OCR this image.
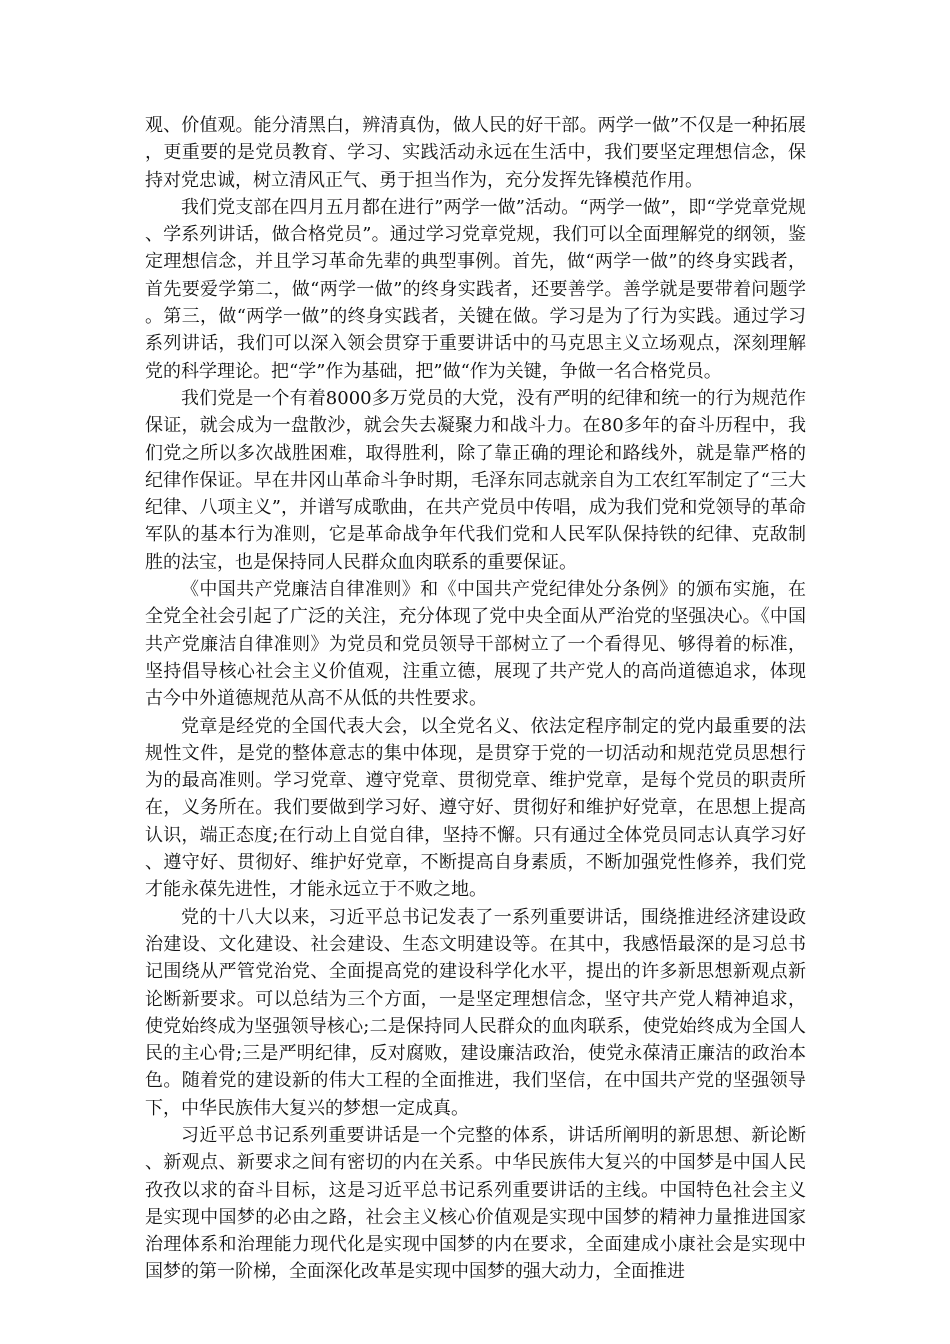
观、价值观。能分清黑白，辨清真伪，做人民的好干部。两学一做”不仅是一种拓展，更重要的是党员教育、学习、实践活动永远在生活中，我们要坚定理想信念，保持对党忠诚，树立清风正气、勇于担当作为，充分发挥先锋模范作用。

我们党支部在四月五月都在进行”两学一做”活动。“两学一做”，即“学党章党规、学系列讲话，做合格党员”。通过学习党章党规，我们可以全面理解党的纲领，鉴定理想信念，并且学习革命先辈的典型事例。首先，做“两学一做”的终身实践者，首先要爱学第二，做“两学一做”的终身实践者，还要善学。善学就是要带着问题学。第三，做“两学一做”的终身实践者，关键在做。学习是为了行为实践。通过学习系列讲话，我们可以深入领会贯穿于重要讲话中的马克思主义立场观点，深刻理解党的科学理论。把“学”作为基础，把”做“作为关键，争做一名合格党员。

我们党是一个有着8000多万党员的大党，没有严明的纪律和统一的行为规范作保证，就会成为一盘散沙，就会失去凝聚力和战斗力。在80多年的奋斗历程中，我们党之所以多次战胜困难，取得胜利，除了靠正确的理论和路线外，就是靠严格的纪律作保证。早在井冈山革命斗争时期，毛泽东同志就亲自为工农红军制定了“三大纪律、八项主义”，并谱写成歌曲，在共产党员中传唱，成为我们党和党领导的革命军队的基本行为准则，它是革命战争年代我们党和人民军队保持铁的纪律、克敌制胜的法宝，也是保持同人民群众血肉联系的重要保证。

《中国共产党廉洁自律准则》和《中国共产党纪律处分条例》的颁布实施，在全党全社会引起了广泛的关注，充分体现了党中央全面从严治党的坚强决心。《中国共产党廉洁自律准则》为党员和党员领导干部树立了一个看得见、够得着的标准，坚持倡导核心社会主义价值观，注重立德，展现了共产党人的高尚道德追求，体现古今中外道德规范从高不从低的共性要求。

党章是经党的全国代表大会，以全党名义、依法定程序制定的党内最重要的法规性文件，是党的整体意志的集中体现，是贯穿于党的一切活动和规范党员思想行为的最高准则。学习党章、遵守党章、贯彻党章、维护党章，是每个党员的职责所在，义务所在。我们要做到学习好、遵守好、贯彻好和维护好党章，在思想上提高认识，端正态度;在行动上自觉自律，坚持不懈。只有通过全体党员同志认真学习好、遵守好、贯彻好、维护好党章，不断提高自身素质，不断加强党性修养，我们党才能永葆先进性，才能永远立于不败之地。

党的十八大以来，习近平总书记发表了一系列重要讲话，围绕推进经济建设政治建设、文化建设、社会建设、生态文明建设等。在其中，我感悟最深的是习总书记围绕从严管党治党、全面提高党的建设科学化水平，提出的许多新思想新观点新论断新要求。可以总结为三个方面，一是坚定理想信念，坚守共产党人精神追求，使党始终成为坚强领导核心;二是保持同人民群众的血肉联系，使党始终成为全国人民的主心骨;三是严明纪律，反对腐败，建设廉洁政治，使党永葆清正廉洁的政治本色。随着党的建设新的伟大工程的全面推进，我们坚信，在中国共产党的坚强领导下，中华民族伟大复兴的梦想一定成真。

习近平总书记系列重要讲话是一个完整的体系，讲话所阐明的新思想、新论断、新观点、新要求之间有密切的内在关系。中华民族伟大复兴的中国梦是中国人民孜孜以求的奋斗目标，这是习近平总书记系列重要讲话的主线。中国特色社会主义是实现中国梦的必由之路，社会主义核心价值观是实现中国梦的精神力量推进国家治理体系和治理能力现代化是实现中国梦的内在要求，全面建成小康社会是实现中国梦的第一阶梯，全面深化改革是实现中国梦的强大动力，全面推进
